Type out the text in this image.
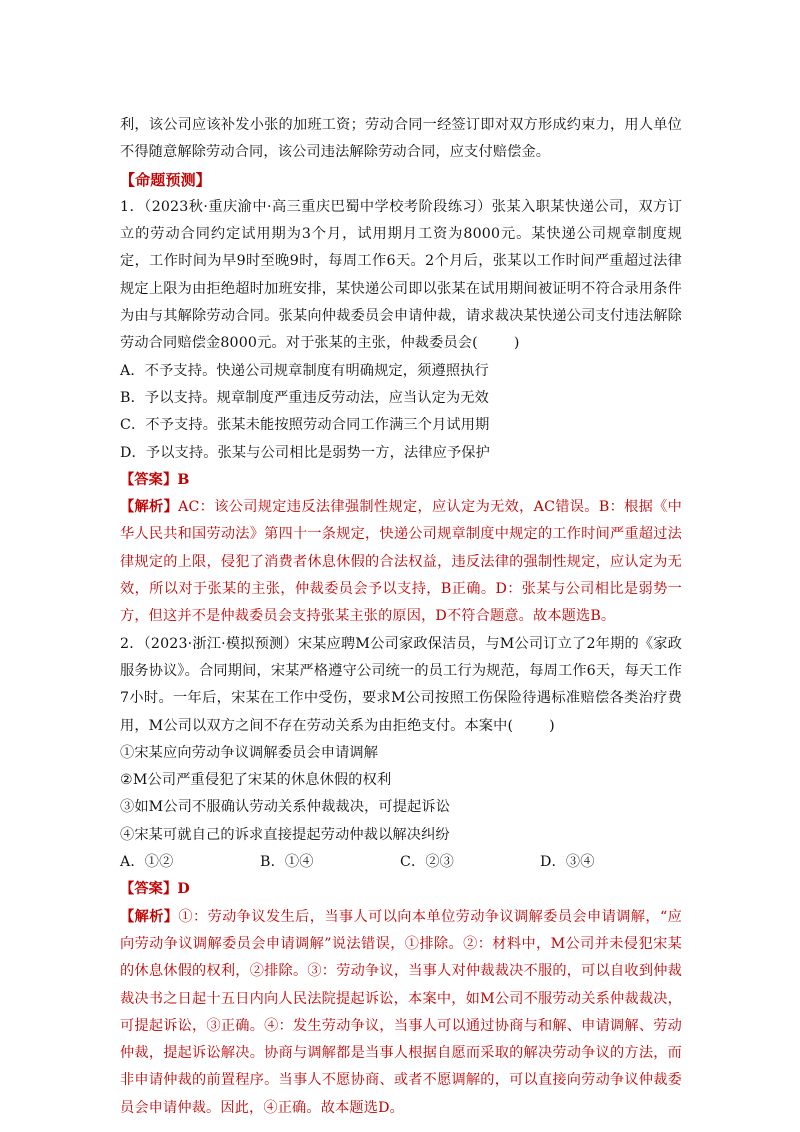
利，该公司应该补发小张的加班工资；劳动合同一经签订即对双方形成约束力，用人单位不得随意解除劳动合同，该公司违法解除劳动合同，应支付赔偿金。

【命题预测】

1．（2023秋·重庆渝中·高三重庆巴蜀中学校考阶段练习）张某入职某快递公司，双方订立的劳动合同约定试用期为3个月，试用期月工资为8000元。某快递公司规章制度规定，工作时间为早9时至晚9时，每周工作6天。2个月后，张某以工作时间严重超过法律规定上限为由拒绝超时加班安排，某快递公司即以张某在试用期间被证明不符合录用条件为由与其解除劳动合同。张某向仲裁委员会申请仲裁，请求裁决某快递公司支付违法解除劳动合同赔偿金8000元。对于张某的主张，仲裁委员会(	)

A．不予支持。快递公司规章制度有明确规定，须遵照执行

B．予以支持。规章制度严重违反劳动法，应当认定为无效

C．不予支持。张某未能按照劳动合同工作满三个月试用期

D．予以支持。张某与公司相比是弱势一方，法律应予保护

【答案】B

【解析】AC：该公司规定违反法律强制性规定，应认定为无效，AC错误。B：根据《中华人民共和国劳动法》第四十一条规定，快递公司规章制度中规定的工作时间严重超过法律规定的上限，侵犯了消费者休息休假的合法权益，违反法律的强制性规定，应认定为无效，所以对于张某的主张，仲裁委员会予以支持，B正确。D：张某与公司相比是弱势一方，但这并不是仲裁委员会支持张某主张的原因，D不符合题意。故本题选B。

2．（2023·浙江·模拟预测）宋某应聘M公司家政保洁员，与M公司订立了2年期的《家政服务协议》。合同期间，宋某严格遵守公司统一的员工行为规范，每周工作6天，每天工作7小时。一年后，宋某在工作中受伤，要求M公司按照工伤保险待遇标准赔偿各类治疗费用，M公司以双方之间不存在劳动关系为由拒绝支付。本案中(	)

①宋某应向劳动争议调解委员会申请调解

②M公司严重侵犯了宋某的休息休假的权利

③如M公司不服确认劳动关系仲裁裁决，可提起诉讼

④宋某可就自己的诉求直接提起劳动仲裁以解决纠纷

A．①②	B．①④	C．②③	D．③④

【答案】D

【解析】①：劳动争议发生后，当事人可以向本单位劳动争议调解委员会申请调解，“应向劳动争议调解委员会申请调解”说法错误，①排除。②：材料中，M公司并未侵犯宋某的休息休假的权利，②排除。③：劳动争议，当事人对仲裁裁决不服的，可以自收到仲裁裁决书之日起十五日内向人民法院提起诉讼，本案中，如M公司不服劳动关系仲裁裁决，可提起诉讼，③正确。④：发生劳动争议，当事人可以通过协商与和解、申请调解、劳动仲裁，提起诉讼解决。协商与调解都是当事人根据自愿而采取的解决劳动争议的方法，而非申请仲裁的前置程序。当事人不愿协商、或者不愿调解的，可以直接向劳动争议仲裁委员会申请仲裁。因此，④正确。故本题选D。
